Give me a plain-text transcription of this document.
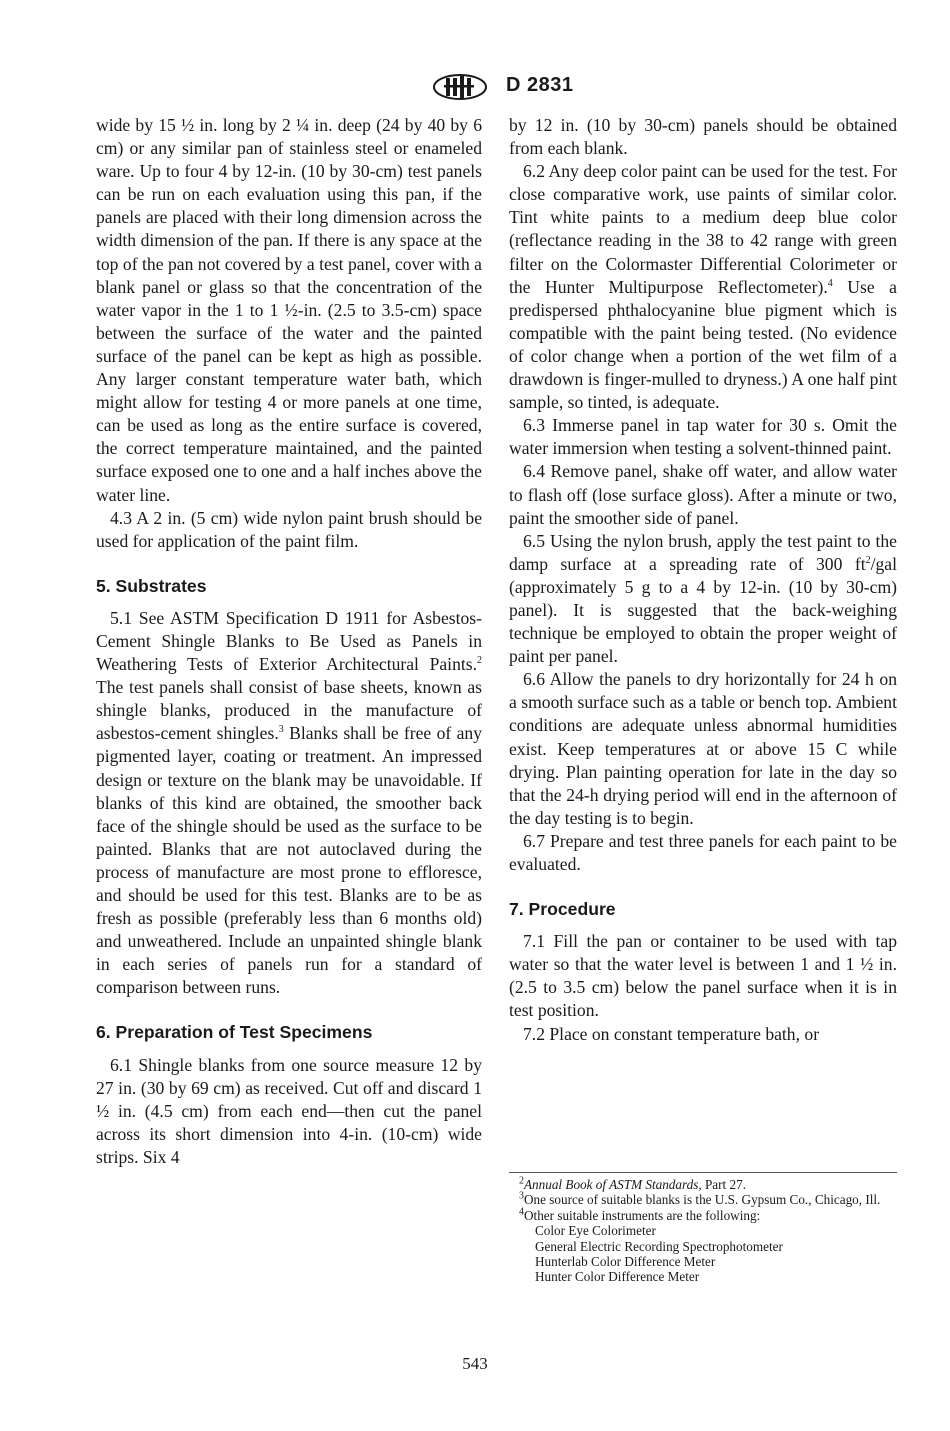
D 2831

wide by 15 ½ in. long by 2 ¼ in. deep (24 by 40 by 6 cm) or any similar pan of stainless steel or enameled ware. Up to four 4 by 12-in. (10 by 30-cm) test panels can be run on each evaluation using this pan, if the panels are placed with their long dimension across the width dimension of the pan. If there is any space at the top of the pan not covered by a test panel, cover with a blank panel or glass so that the concentration of the water vapor in the 1 to 1 ½-in. (2.5 to 3.5-cm) space between the surface of the water and the painted surface of the panel can be kept as high as possible. Any larger constant temperature water bath, which might allow for testing 4 or more panels at one time, can be used as long as the entire surface is covered, the correct temperature maintained, and the painted surface exposed one to one and a half inches above the water line.

4.3 A 2 in. (5 cm) wide nylon paint brush should be used for application of the paint film.

5. Substrates

5.1 See ASTM Specification D 1911 for Asbestos-Cement Shingle Blanks to Be Used as Panels in Weathering Tests of Exterior Architectural Paints.$^2$ The test panels shall consist of base sheets, known as shingle blanks, produced in the manufacture of asbestos-cement shingles.$^3$ Blanks shall be free of any pigmented layer, coating or treatment. An impressed design or texture on the blank may be unavoidable. If blanks of this kind are obtained, the smoother back face of the shingle should be used as the surface to be painted. Blanks that are not autoclaved during the process of manufacture are most prone to effloresce, and should be used for this test. Blanks are to be as fresh as possible (preferably less than 6 months old) and unweathered. Include an unpainted shingle blank in each series of panels run for a standard of comparison between runs.

6. Preparation of Test Specimens

6.1 Shingle blanks from one source measure 12 by 27 in. (30 by 69 cm) as received. Cut off and discard 1 ½ in. (4.5 cm) from each end—then cut the panel across its short dimension into 4-in. (10-cm) wide strips. Six 4

by 12 in. (10 by 30-cm) panels should be obtained from each blank.

6.2 Any deep color paint can be used for the test. For close comparative work, use paints of similar color. Tint white paints to a medium deep blue color (reflectance reading in the 38 to 42 range with green filter on the Colormaster Differential Colorimeter or the Hunter Multipurpose Reflectometer).$^4$ Use a predispersed phthalocyanine blue pigment which is compatible with the paint being tested. (No evidence of color change when a portion of the wet film of a drawdown is finger-mulled to dryness.) A one half pint sample, so tinted, is adequate.

6.3 Immerse panel in tap water for 30 s. Omit the water immersion when testing a solvent-thinned paint.

6.4 Remove panel, shake off water, and allow water to flash off (lose surface gloss). After a minute or two, paint the smoother side of panel.

6.5 Using the nylon brush, apply the test paint to the damp surface at a spreading rate of 300 $ft^2$/gal (approximately 5 g to a 4 by 12-in. (10 by 30-cm) panel). It is suggested that the back-weighing technique be employed to obtain the proper weight of paint per panel.

6.6 Allow the panels to dry horizontally for 24 h on a smooth surface such as a table or bench top. Ambient conditions are adequate unless abnormal humidities exist. Keep temperatures at or above 15 C while drying. Plan painting operation for late in the day so that the 24-h drying period will end in the afternoon of the day testing is to begin.

6.7 Prepare and test three panels for each paint to be evaluated.

7. Procedure

7.1 Fill the pan or container to be used with tap water so that the water level is between 1 and 1 ½ in. (2.5 to 3.5 cm) below the panel surface when it is in test position.

7.2 Place on constant temperature bath, or

$^2$Annual Book of ASTM Standards, Part 27.

$^3$One source of suitable blanks is the U.S. Gypsum Co., Chicago, Ill.

$^4$Other suitable instruments are the following:

Color Eye Colorimeter

General Electric Recording Spectrophotometer

Hunterlab Color Difference Meter

Hunter Color Difference Meter

543
